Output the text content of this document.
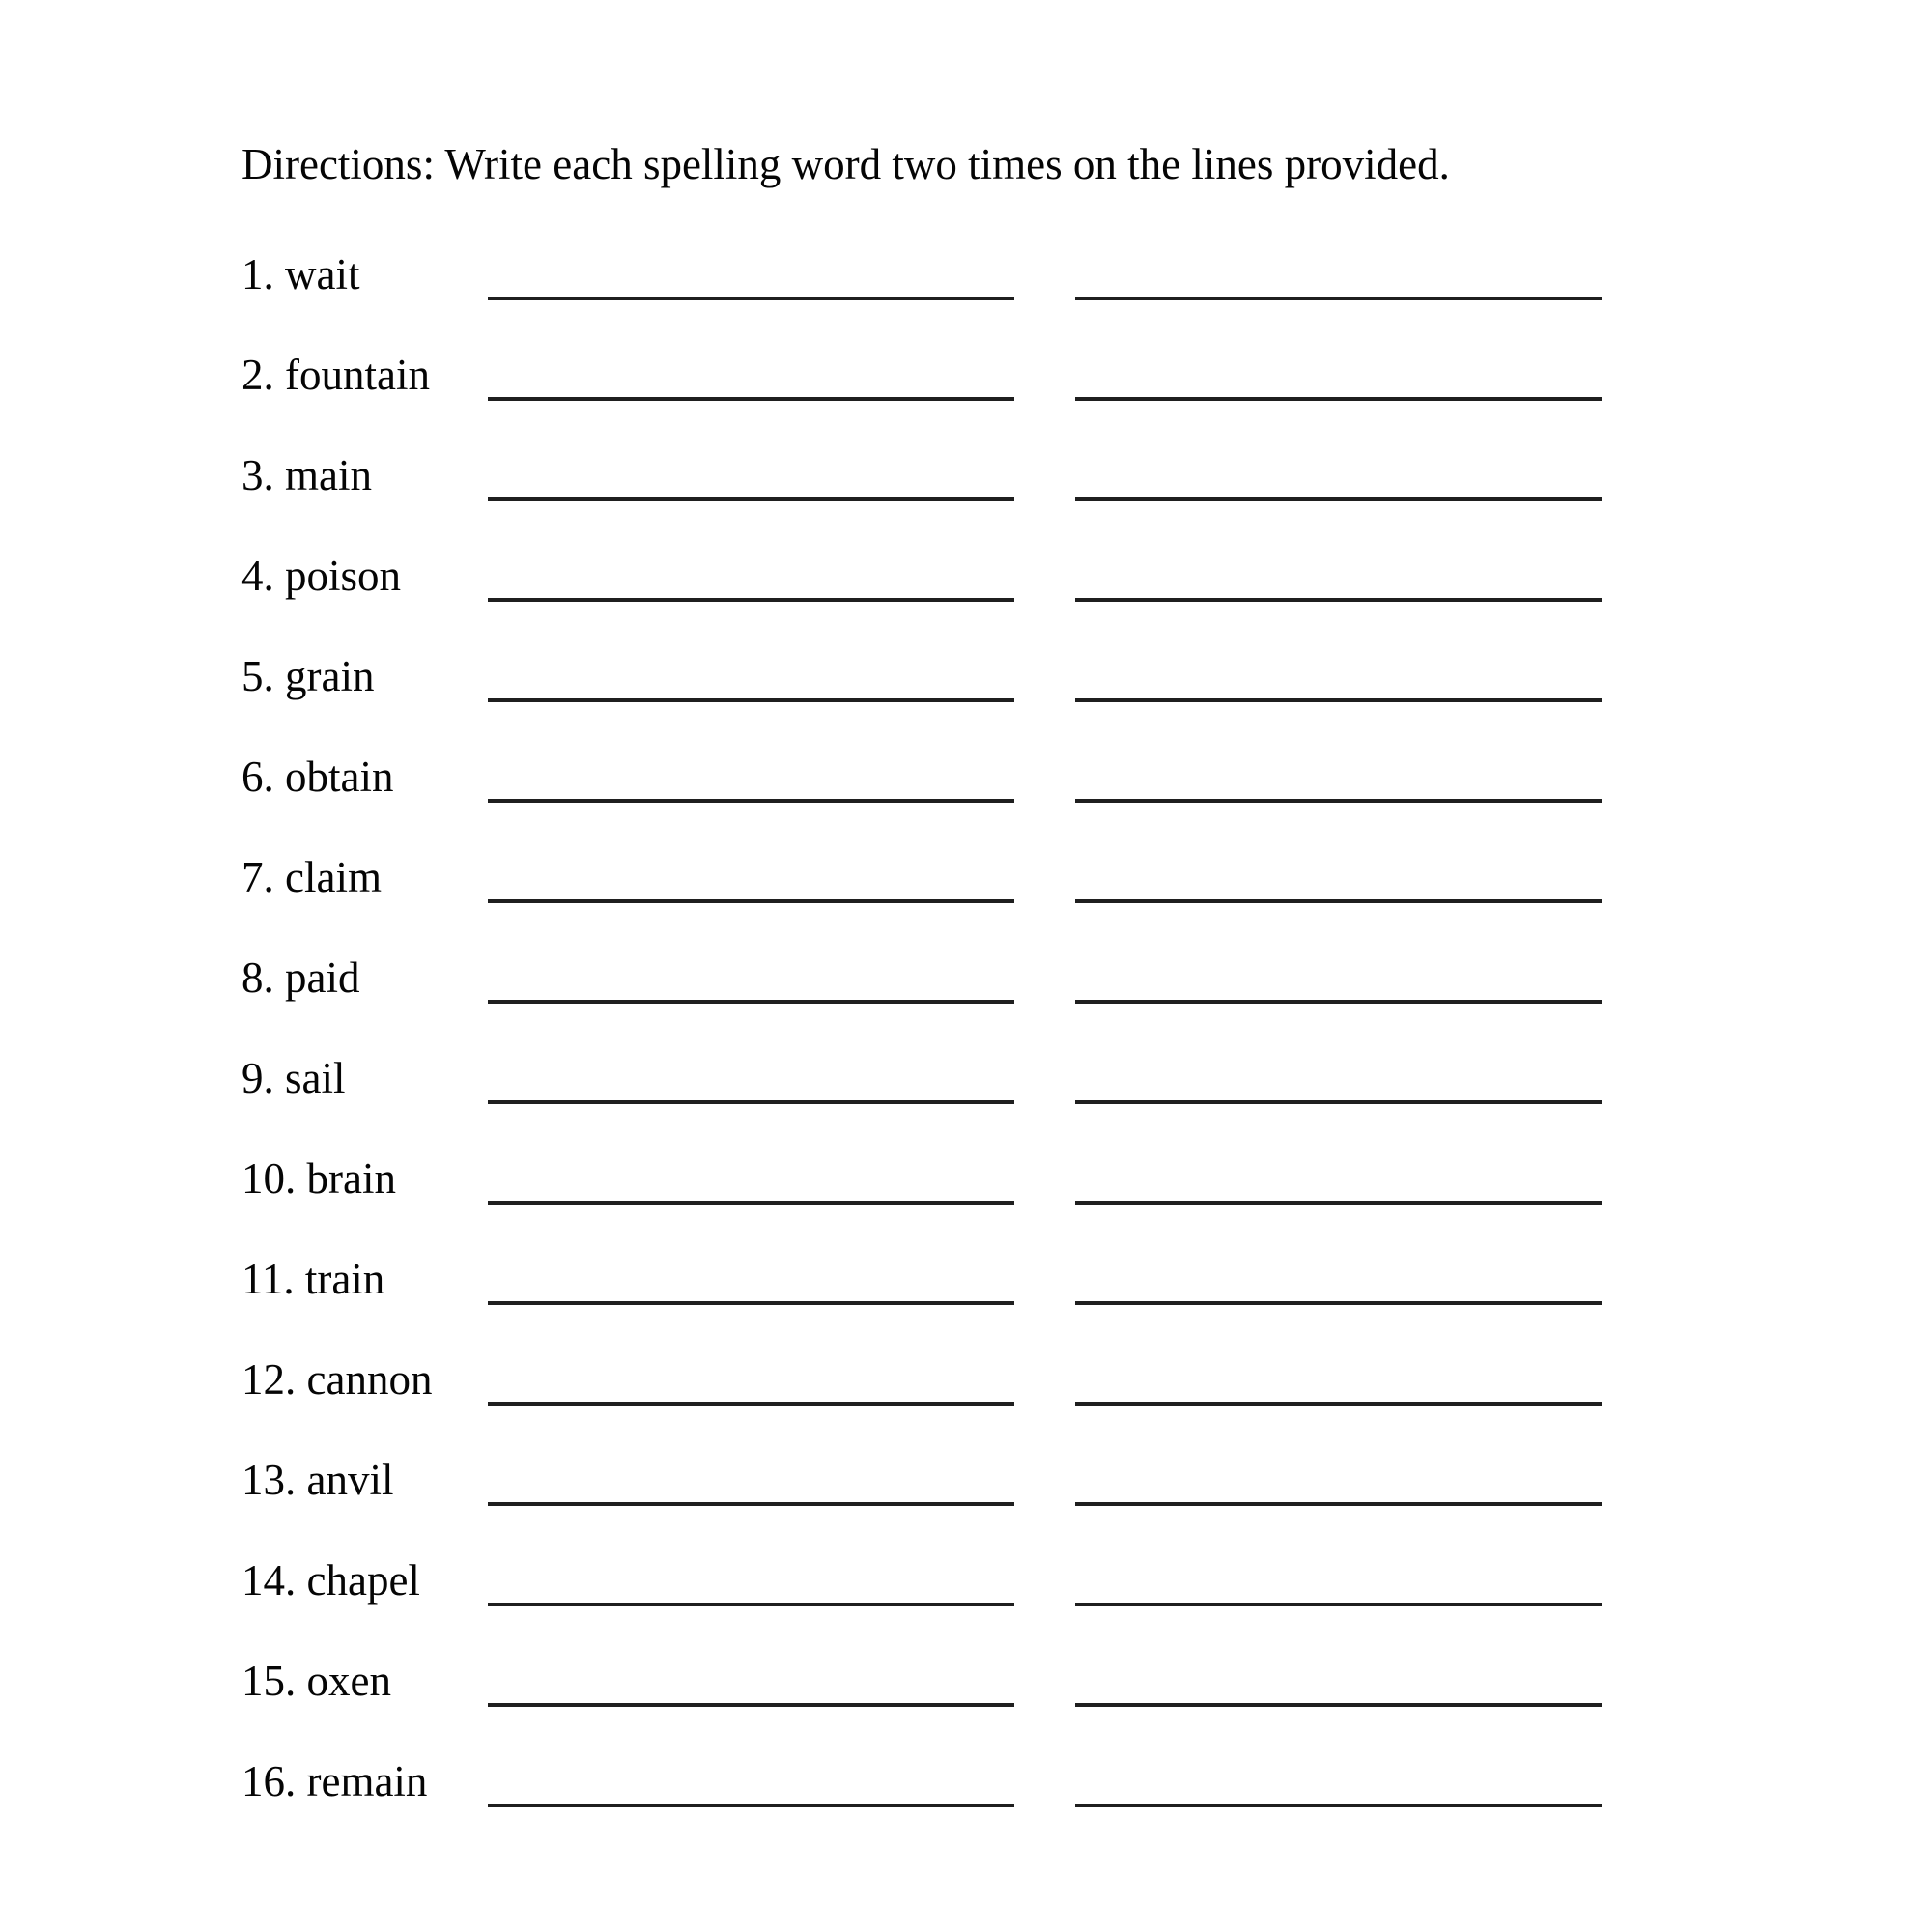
Directions: Write each spelling word two times on the lines provided.

1. wait
2. fountain
3. main
4. poison
5. grain
6. obtain
7. claim
8. paid
9. sail
10. brain
11. train
12. cannon
13. anvil
14. chapel
15. oxen
16. remain
